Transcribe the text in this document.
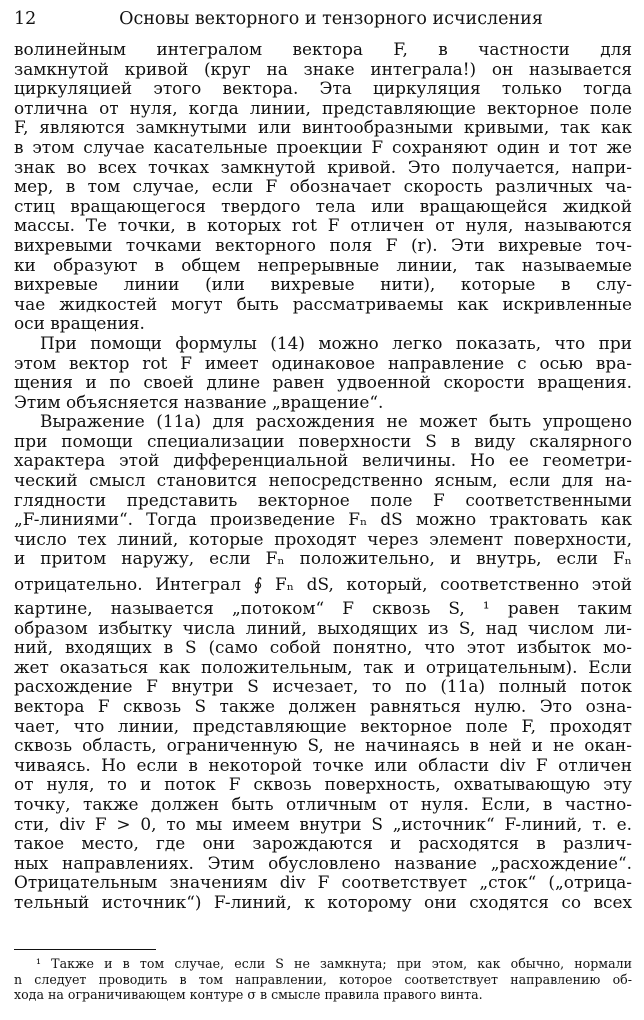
12	Основы векторного и тензорного исчисления

волинейным интегралом вектора F, в частности для

замкнутой кривой (круг на знаке интеграла!) он называется

циркуляцией этого вектора. Эта циркуляция только тогда

отлична от нуля, когда линии, представляющие векторное поле

F, являются замкнутыми или винтообразными кривыми, так как

в этом случае касательные проекции F сохраняют один и тот же

знак во всех точках замкнутой кривой. Это получается, напри-

мер, в том случае, если F обозначает скорость различных ча-

стиц вращающегося твердого тела или вращающейся жидкой

массы. Те точки, в которых rot F отличен от нуля, называются

вихревыми точками векторного поля F (r). Эти вихревые точ-

ки образуют в общем непрерывные линии, так называемые

вихревые линии (или вихревые нити), которые в слу-

чае жидкостей могут быть рассматриваемы как искривленные

оси вращения.

При помощи формулы (14) можно легко показать, что при

этом вектор rot F имеет одинаковое направление с осью вра-

щения и по своей длине равен удвоенной скорости вращения.

Этим объясняется название „вращение“.

Выражение (11a) для расхождения не может быть упрощено

при помощи специализации поверхности S в виду скалярного

характера этой дифференциальной величины. Но ее геометри-

ческий смысл становится непосредственно ясным, если для на-

глядности представить векторное поле F соответственными

„F-линиями“. Тогда произведение Fₙ dS можно трактовать как

число тех линий, которые проходят через элемент поверхности,

и притом наружу, если Fₙ положительно, и внутрь, если Fₙ

отрицательно. Интеграл ∮ Fₙ dS, который, соответственно этой

картине, называется „потоком“ F сквозь S, ¹ равен таким

образом избытку числа линий, выходящих из S, над числом ли-

ний, входящих в S (само собой понятно, что этот избыток мо-

жет оказаться как положительным, так и отрицательным). Если

расхождение F внутри S исчезает, то по (11a) полный поток

вектора F сквозь S также должен равняться нулю. Это озна-

чает, что линии, представляющие векторное поле F, проходят

сквозь область, ограниченную S, не начинаясь в ней и не окан-

чиваясь. Но если в некоторой точке или области div F отличен

от нуля, то и поток F сквозь поверхность, охватывающую эту

точку, также должен быть отличным от нуля. Если, в частно-

сти, div F > 0, то мы имеем внутри S „источник“ F-линий, т. е.

такое место, где они зарождаются и расходятся в различ-

ных направлениях. Этим обусловлено название „расхождение“.

Отрицательным значениям div F соответствует „сток“ („отрица-

тельный источник“) F-линий, к которому они сходятся со всех

¹ Также и в том случае, если S не замкнута; при этом, как обычно, нормали

n следует проводить в том направлении, которое соответствует направлению об-

хода на ограничивающем контуре σ в смысле правила правого винта.
